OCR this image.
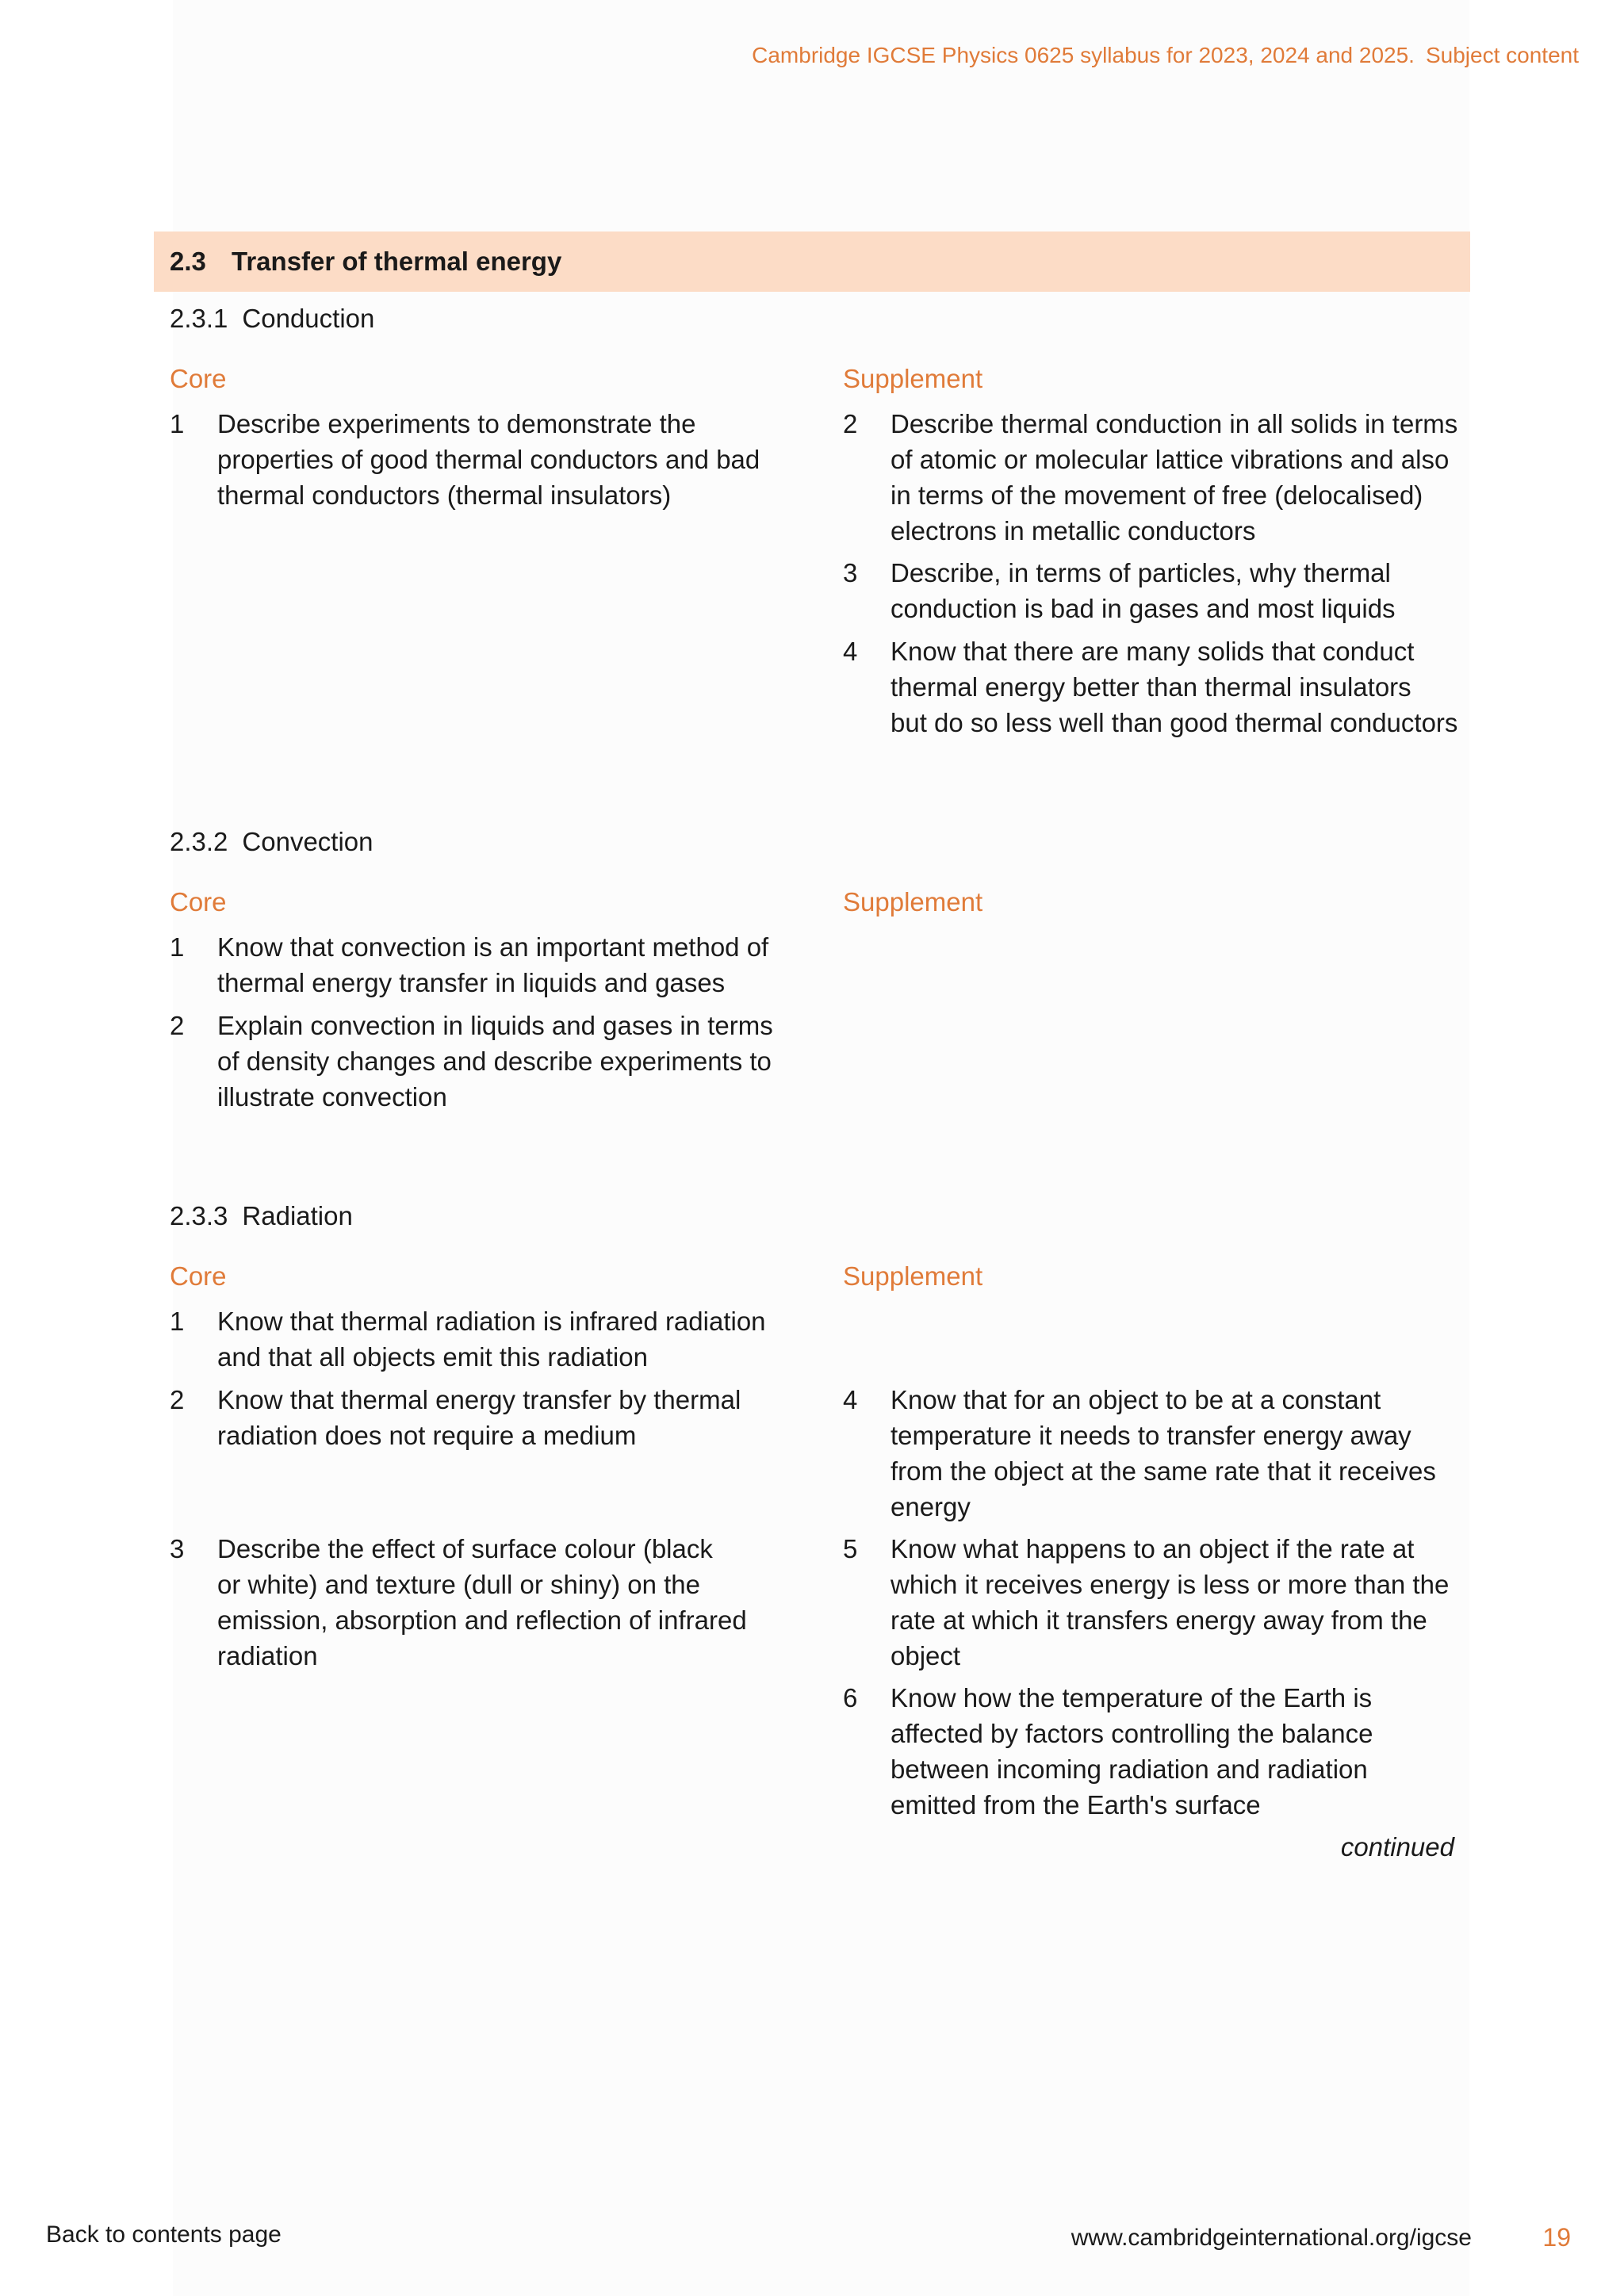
Cambridge IGCSE Physics 0625 syllabus for 2023, 2024 and 2025. Subject content
2.3 Transfer of thermal energy
2.3.1 Conduction
Core	Supplement
1 Describe experiments to demonstrate the
properties of good thermal conductors and bad
thermal conductors (thermal insulators)
2 Describe thermal conduction in all solids in terms
of atomic or molecular lattice vibrations and also
in terms of the movement of free (delocalised)
electrons in metallic conductors
3 Describe, in terms of particles, why thermal
conduction is bad in gases and most liquids
4 Know that there are many solids that conduct
thermal energy better than thermal insulators
but do so less well than good thermal conductors
2.3.2 Convection
Core	Supplement
1 Know that convection is an important method of
thermal energy transfer in liquids and gases
2 Explain convection in liquids and gases in terms
of density changes and describe experiments to
illustrate convection
2.3.3 Radiation
Core	Supplement
1 Know that thermal radiation is infrared radiation
and that all objects emit this radiation
2 Know that thermal energy transfer by thermal
radiation does not require a medium
3 Describe the effect of surface colour (black
or white) and texture (dull or shiny) on the
emission, absorption and reflection of infrared
radiation
4 Know that for an object to be at a constant
temperature it needs to transfer energy away
from the object at the same rate that it receives
energy
5 Know what happens to an object if the rate at
which it receives energy is less or more than the
rate at which it transfers energy away from the
object
6 Know how the temperature of the Earth is
affected by factors controlling the balance
between incoming radiation and radiation
emitted from the Earth's surface
continued
Back to contents page	www.cambridgeinternational.org/igcse	19
